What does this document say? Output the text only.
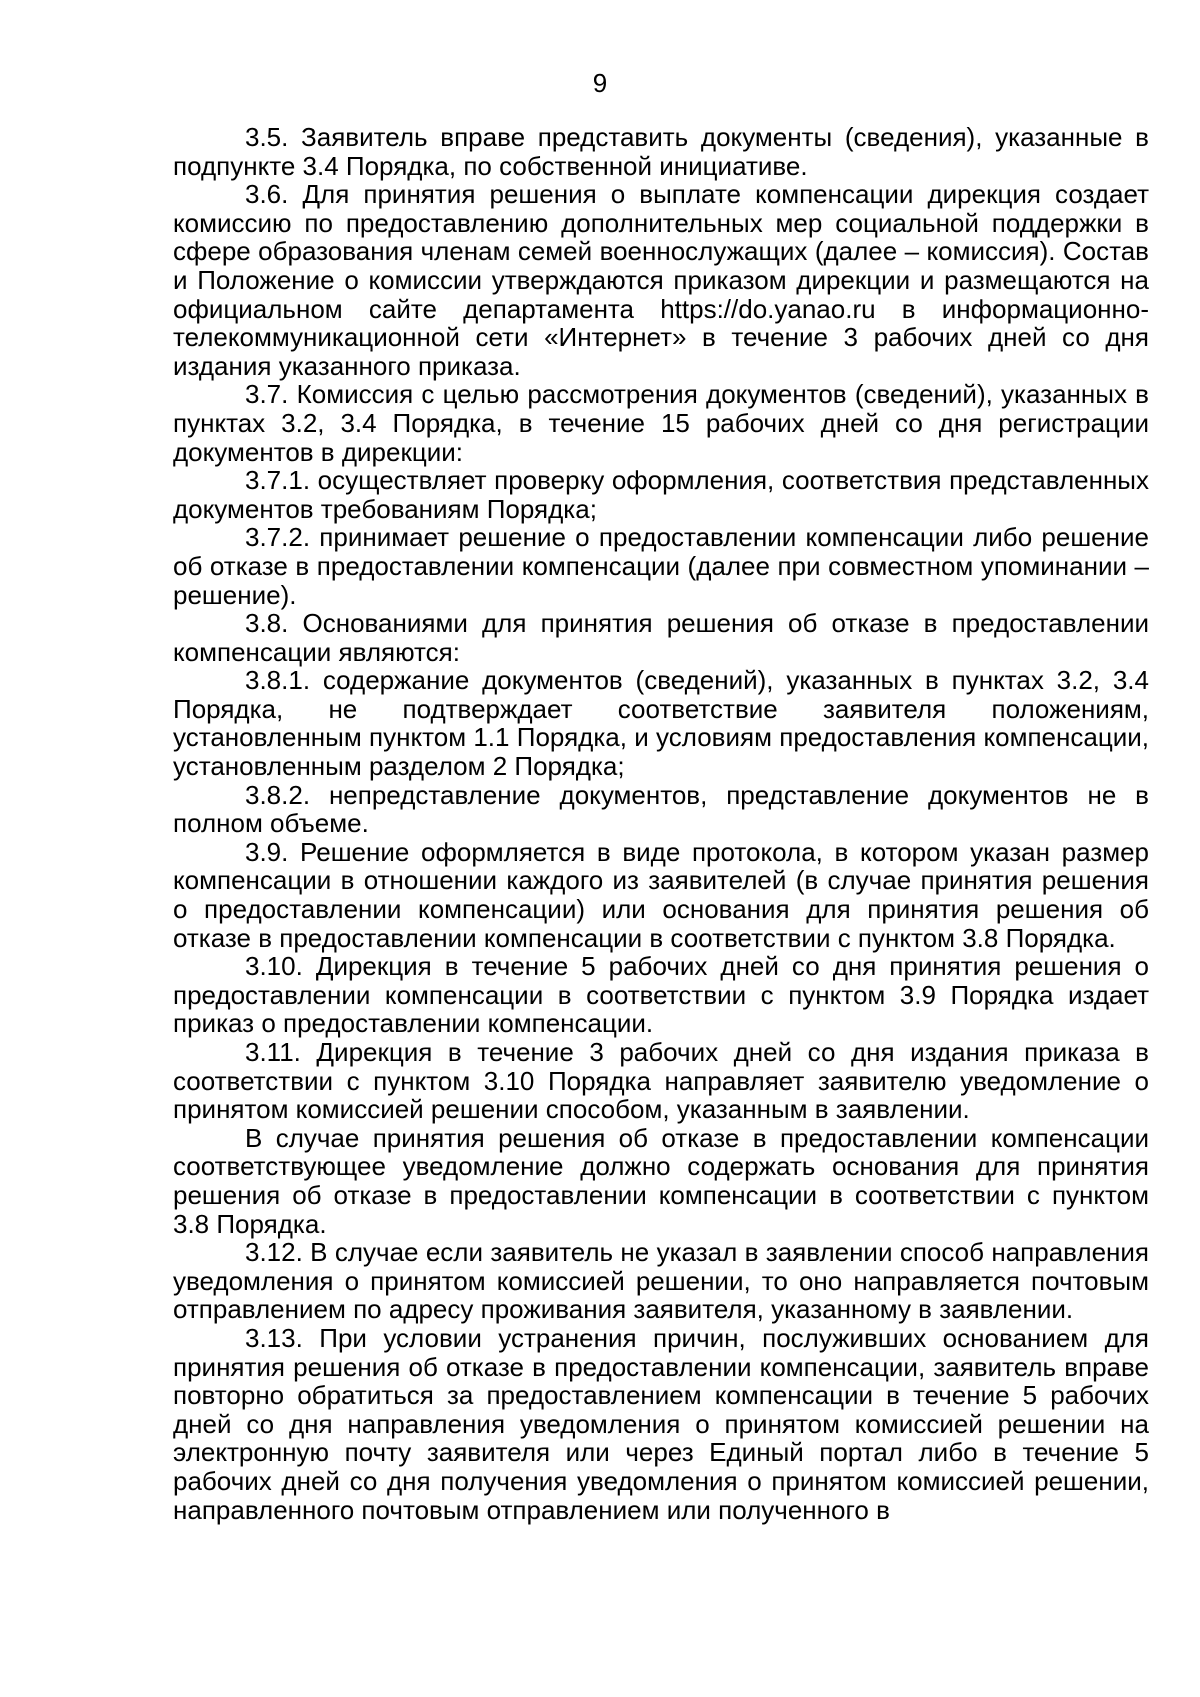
9

3.5. Заявитель вправе представить документы (сведения), указанные в подпункте 3.4 Порядка, по собственной инициативе.

3.6. Для принятия решения о выплате компенсации дирекция создает комиссию по предоставлению дополнительных мер социальной поддержки в сфере образования членам семей военнослужащих (далее – комиссия). Состав и Положение о комиссии утверждаются приказом дирекции и размещаются на официальном сайте департамента https://do.yanao.ru в информационно-телекоммуникационной сети «Интернет» в течение 3 рабочих дней со дня издания указанного приказа.

3.7. Комиссия с целью рассмотрения документов (сведений), указанных в пунктах 3.2, 3.4 Порядка, в течение 15 рабочих дней со дня регистрации документов в дирекции:

3.7.1. осуществляет проверку оформления, соответствия представленных документов требованиям Порядка;

3.7.2. принимает решение о предоставлении компенсации либо решение об отказе в предоставлении компенсации (далее при совместном упоминании – решение).

3.8. Основаниями для принятия решения об отказе в предоставлении компенсации являются:

3.8.1. содержание документов (сведений), указанных в пунктах 3.2, 3.4 Порядка, не подтверждает соответствие заявителя положениям, установленным пунктом 1.1 Порядка, и условиям предоставления компенсации, установленным разделом 2 Порядка;

3.8.2. непредставление документов, представление документов не в полном объеме.

3.9. Решение оформляется в виде протокола, в котором указан размер компенсации в отношении каждого из заявителей (в случае принятия решения о предоставлении компенсации) или основания для принятия решения об отказе в предоставлении компенсации в соответствии с пунктом 3.8 Порядка.

3.10. Дирекция в течение 5 рабочих дней со дня принятия решения о предоставлении компенсации в соответствии с пунктом 3.9 Порядка издает приказ о предоставлении компенсации.

3.11. Дирекция в течение 3 рабочих дней со дня издания приказа в соответствии с пунктом 3.10 Порядка направляет заявителю уведомление о принятом комиссией решении способом, указанным в заявлении.

В случае принятия решения об отказе в предоставлении компенсации соответствующее уведомление должно содержать основания для принятия решения об отказе в предоставлении компенсации в соответствии с пунктом 3.8 Порядка.

3.12. В случае если заявитель не указал в заявлении способ направления уведомления о принятом комиссией решении, то оно направляется почтовым отправлением по адресу проживания заявителя, указанному в заявлении.

3.13. При условии устранения причин, послуживших основанием для принятия решения об отказе в предоставлении компенсации, заявитель вправе повторно обратиться за предоставлением компенсации в течение 5 рабочих дней со дня направления уведомления о принятом комиссией решении на электронную почту заявителя или через Единый портал либо в течение 5 рабочих дней со дня получения уведомления о принятом комиссией решении, направленного почтовым отправлением или полученного в
